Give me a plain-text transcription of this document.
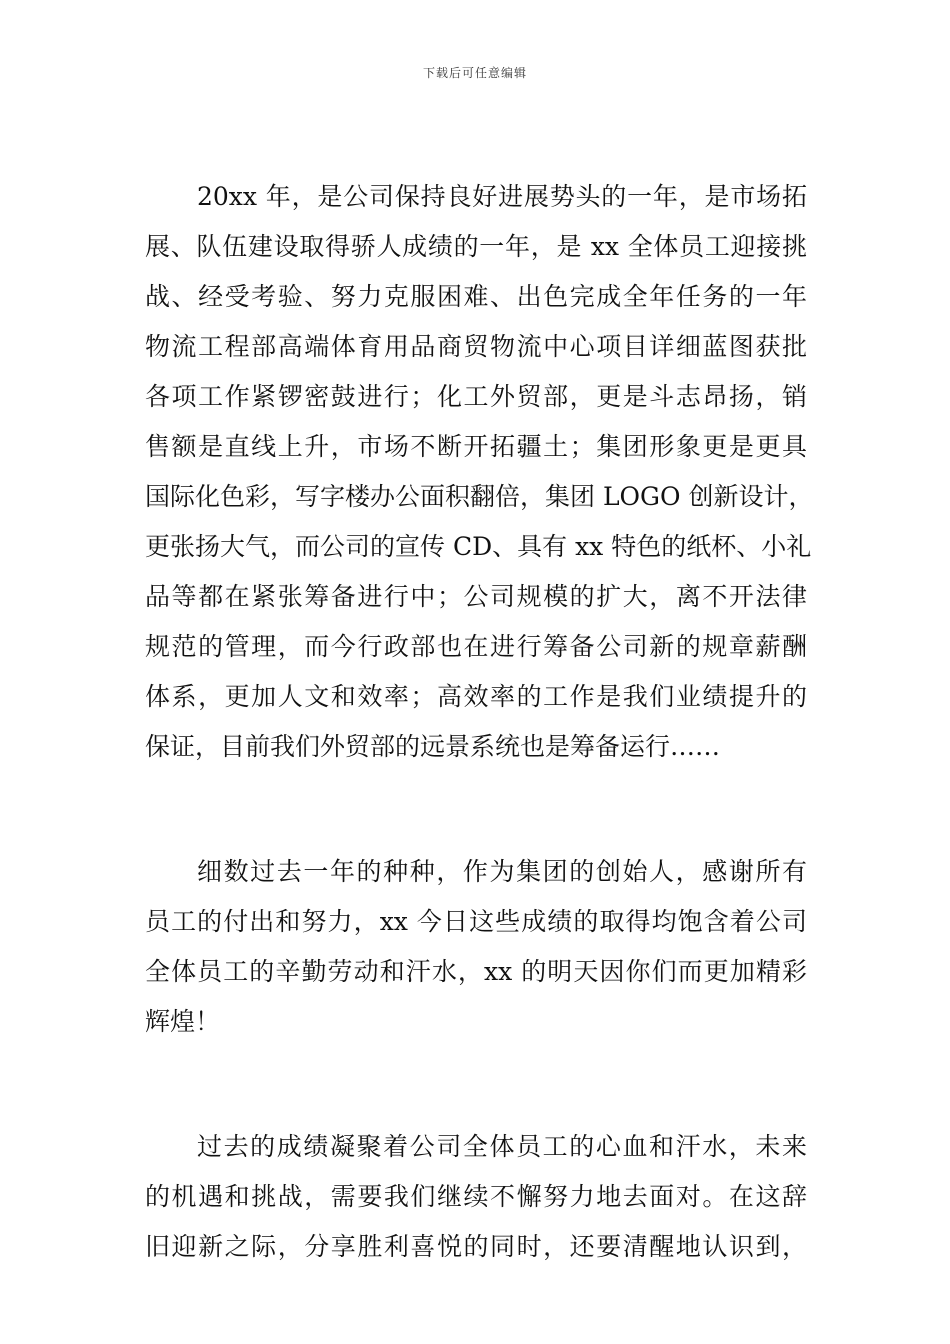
下载后可任意编辑
20xx 年，是公司保持良好进展势头的一年，是市场拓
展、队伍建设取得骄人成绩的一年，是 xx 全体员工迎接挑
战、经受考验、努力克服困难、出色完成全年任务的一年
物流工程部高端体育用品商贸物流中心项目详细蓝图获批
各项工作紧锣密鼓进行；化工外贸部，更是斗志昂扬，销
售额是直线上升，市场不断开拓疆土；集团形象更是更具
国际化色彩，写字楼办公面积翻倍，集团 LOGO 创新设计，
更张扬大气，而公司的宣传 CD、具有 xx 特色的纸杯、小礼
品等都在紧张筹备进行中；公司规模的扩大，离不开法律
规范的管理，而今行政部也在进行筹备公司新的规章薪酬
体系，更加人文和效率；高效率的工作是我们业绩提升的
保证，目前我们外贸部的远景系统也是筹备运行……
细数过去一年的种种，作为集团的创始人，感谢所有
员工的付出和努力，xx 今日这些成绩的取得均饱含着公司
全体员工的辛勤劳动和汗水，xx 的明天因你们而更加精彩
辉煌！
过去的成绩凝聚着公司全体员工的心血和汗水，未来
的机遇和挑战，需要我们继续不懈努力地去面对。在这辞
旧迎新之际，分享胜利喜悦的同时，还要清醒地认识到，
